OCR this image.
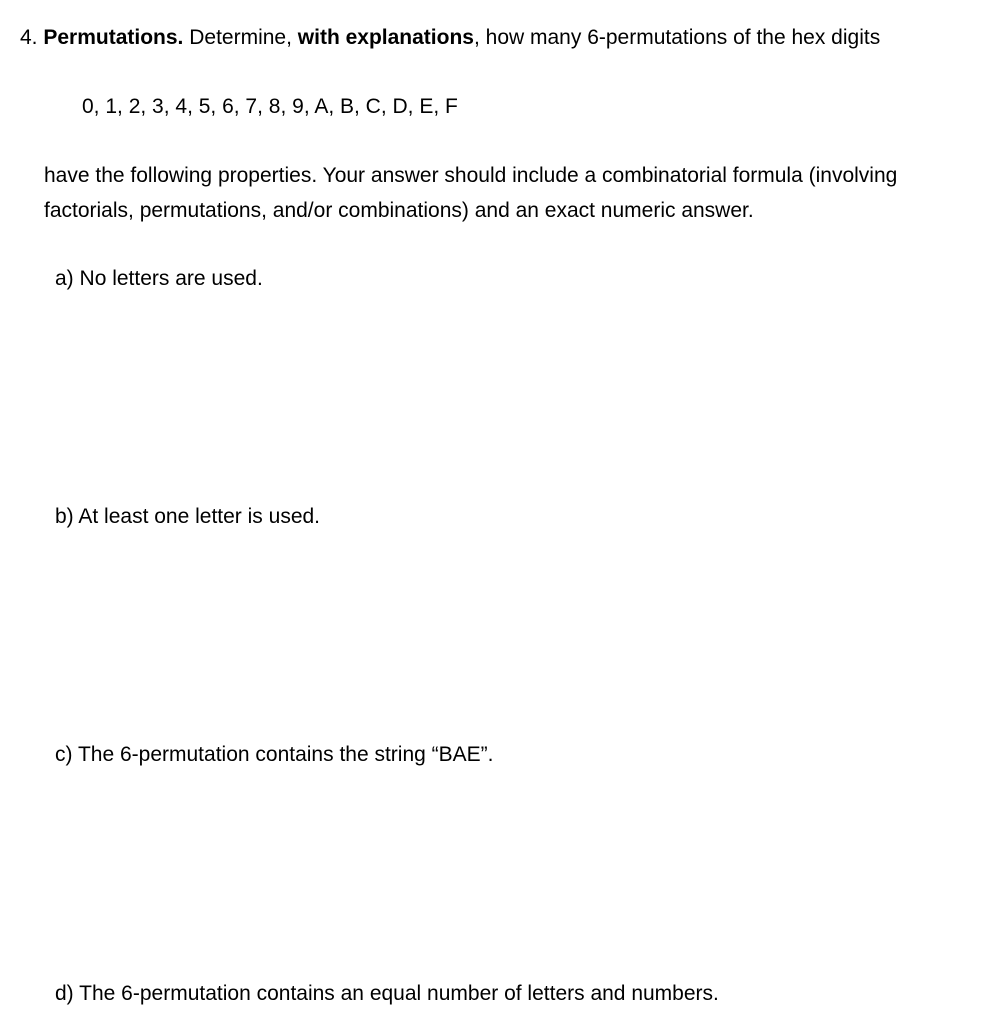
4. Permutations. Determine, with explanations, how many 6-permutations of the hex digits
0, 1, 2, 3, 4, 5, 6, 7, 8, 9, A, B, C, D, E, F
have the following properties. Your answer should include a combinatorial formula (involving
factorials, permutations, and/or combinations) and an exact numeric answer.
a) No letters are used.
b) At least one letter is used.
c) The 6-permutation contains the string “BAE”.
d) The 6-permutation contains an equal number of letters and numbers.
